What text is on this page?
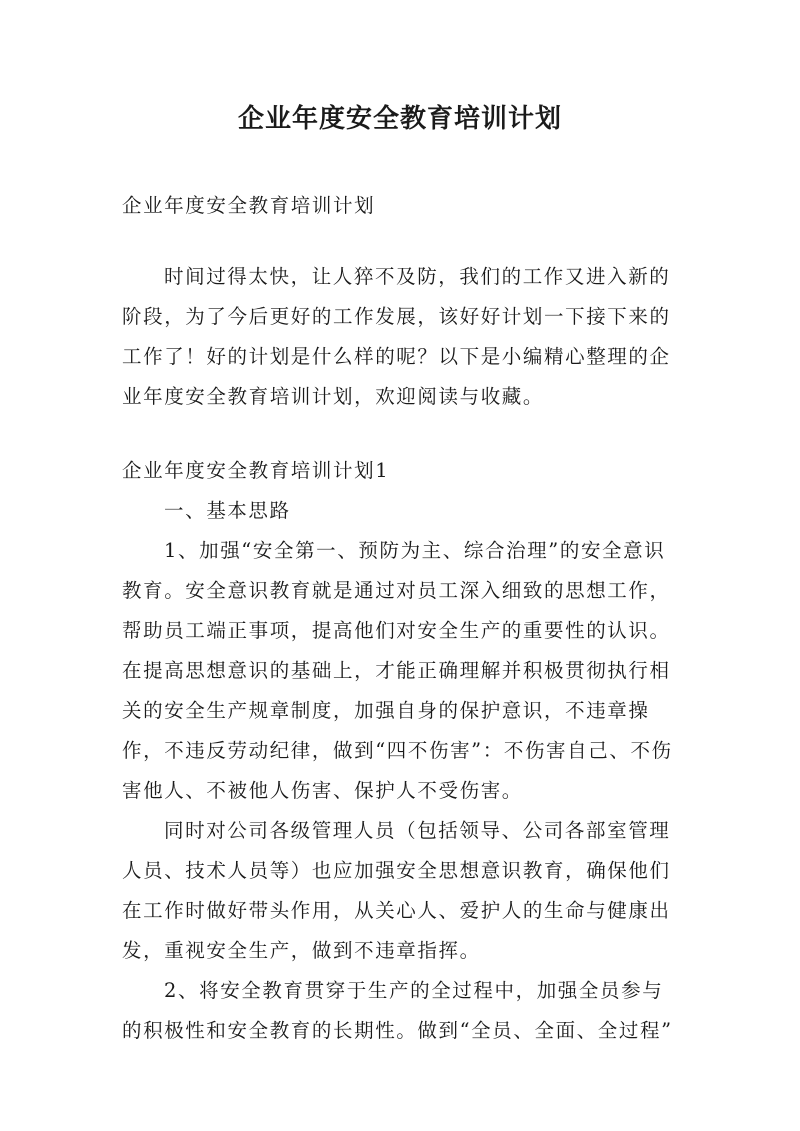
企业年度安全教育培训计划
企业年度安全教育培训计划
时间过得太快，让人猝不及防，我们的工作又进入新的阶段，为了今后更好的工作发展，该好好计划一下接下来的工作了！好的计划是什么样的呢？以下是小编精心整理的企业年度安全教育培训计划，欢迎阅读与收藏。
企业年度安全教育培训计划1

一、基本思路

1、加强“安全第一、预防为主、综合治理”的安全意识教育。安全意识教育就是通过对员工深入细致的思想工作，帮助员工端正事项，提高他们对安全生产的重要性的认识。在提高思想意识的基础上，才能正确理解并积极贯彻执行相关的安全生产规章制度，加强自身的保护意识，不违章操作，不违反劳动纪律，做到“四不伤害”：不伤害自己、不伤害他人、不被他人伤害、保护人不受伤害。

同时对公司各级管理人员（包括领导、公司各部室管理人员、技术人员等）也应加强安全思想意识教育，确保他们在工作时做好带头作用，从关心人、爱护人的生命与健康出发，重视安全生产，做到不违章指挥。

2、将安全教育贯穿于生产的全过程中，加强全员参与的积极性和安全教育的长期性。做到“全员、全面、全过程”
